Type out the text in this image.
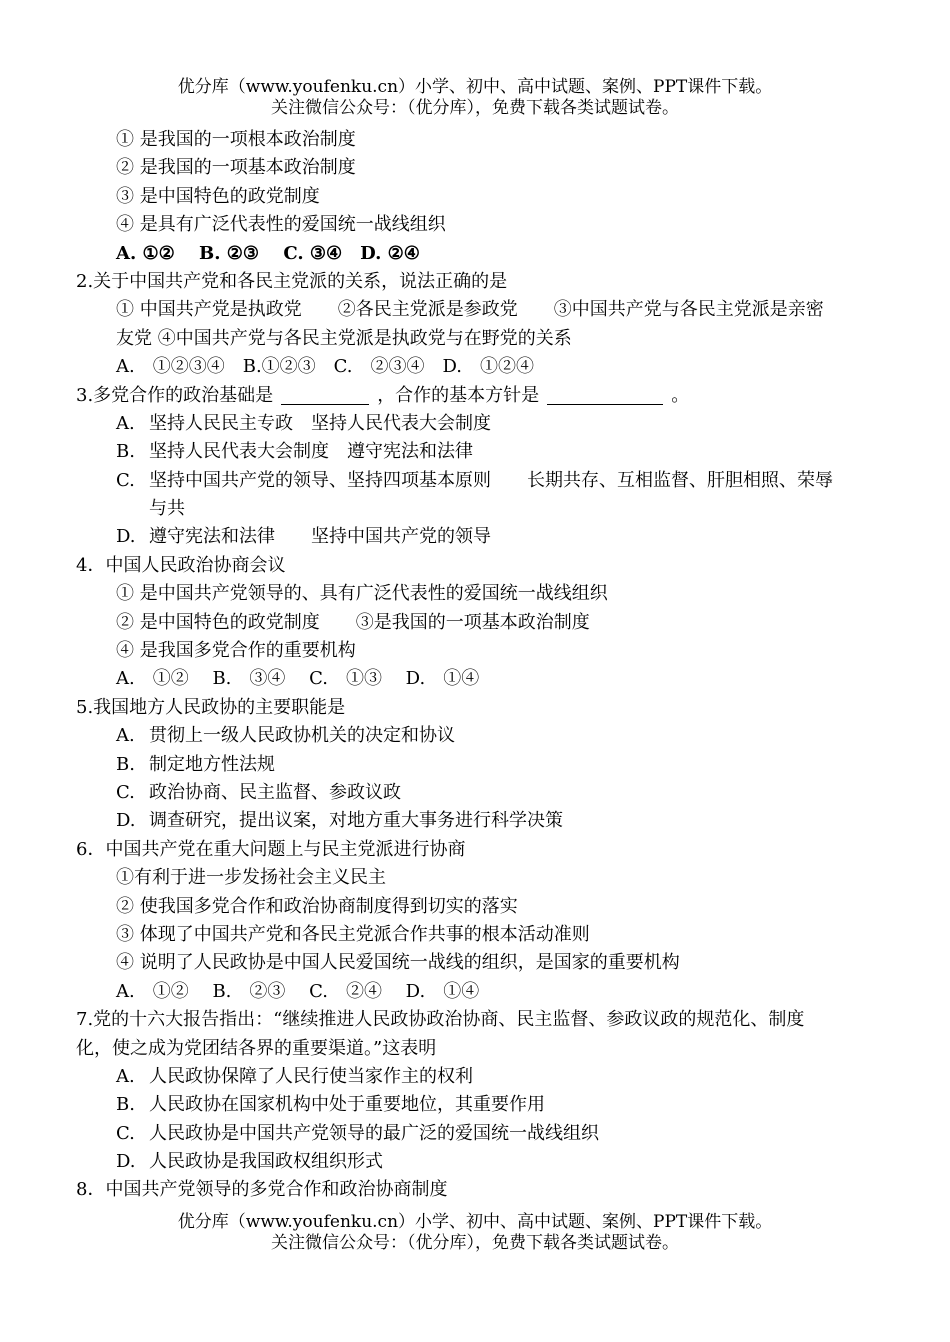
优分库（www.youfenku.cn）小学、初中、高中试题、案例、PPT课件下载。
关注微信公众号：（优分库），免费下载各类试题试卷。
① 是我国的一项根本政治制度
② 是我国的一项基本政治制度
③ 是中国特色的政党制度
④ 是具有广泛代表性的爱国统一战线组织
A. ①②　 B. ②③　 C. ③④　D. ②④
2.关于中国共产党和各民主党派的关系，说法正确的是
① 中国共产党是执政党　　②各民主党派是参政党　　③中国共产党与各民主党派是亲密
友党 ④中国共产党与各民主党派是执政党与在野党的关系
A.　①②③④　B.①②③　C.　②③④　D.　①②④
3.多党合作的政治基础是	，合作的基本方针是	。
A. 坚持人民民主专政　坚持人民代表大会制度
B. 坚持人民代表大会制度　遵守宪法和法律
C. 坚持中国共产党的领导、坚持四项基本原则　　长期共存、互相监督、肝胆相照、荣辱
与共
D. 遵守宪法和法律　　坚持中国共产党的领导
4．中国人民政治协商会议
① 是中国共产党领导的、具有广泛代表性的爱国统一战线组织
② 是中国特色的政党制度　　③是我国的一项基本政治制度
④ 是我国多党合作的重要机构
A.　①②　 B.　③④　 C.　①③　 D.　①④
5.我国地方人民政协的主要职能是
A. 贯彻上一级人民政协机关的决定和协议
B. 制定地方性法规
C. 政治协商、民主监督、参政议政
D. 调查研究，提出议案，对地方重大事务进行科学决策
6．中国共产党在重大问题上与民主党派进行协商
①有利于进一步发扬社会主义民主
② 使我国多党合作和政治协商制度得到切实的落实
③ 体现了中国共产党和各民主党派合作共事的根本活动准则
④ 说明了人民政协是中国人民爱国统一战线的组织，是国家的重要机构
A.　①②　 B.　②③　 C.　②④　 D.　①④
7.党的十六大报告指出：“继续推进人民政协政治协商、民主监督、参政议政的规范化、制度
化，使之成为党团结各界的重要渠道。”这表明
A. 人民政协保障了人民行使当家作主的权利
B. 人民政协在国家机构中处于重要地位，其重要作用
C. 人民政协是中国共产党领导的最广泛的爱国统一战线组织
D. 人民政协是我国政权组织形式
8．中国共产党领导的多党合作和政治协商制度
优分库（www.youfenku.cn）小学、初中、高中试题、案例、PPT课件下载。
关注微信公众号：（优分库），免费下载各类试题试卷。
